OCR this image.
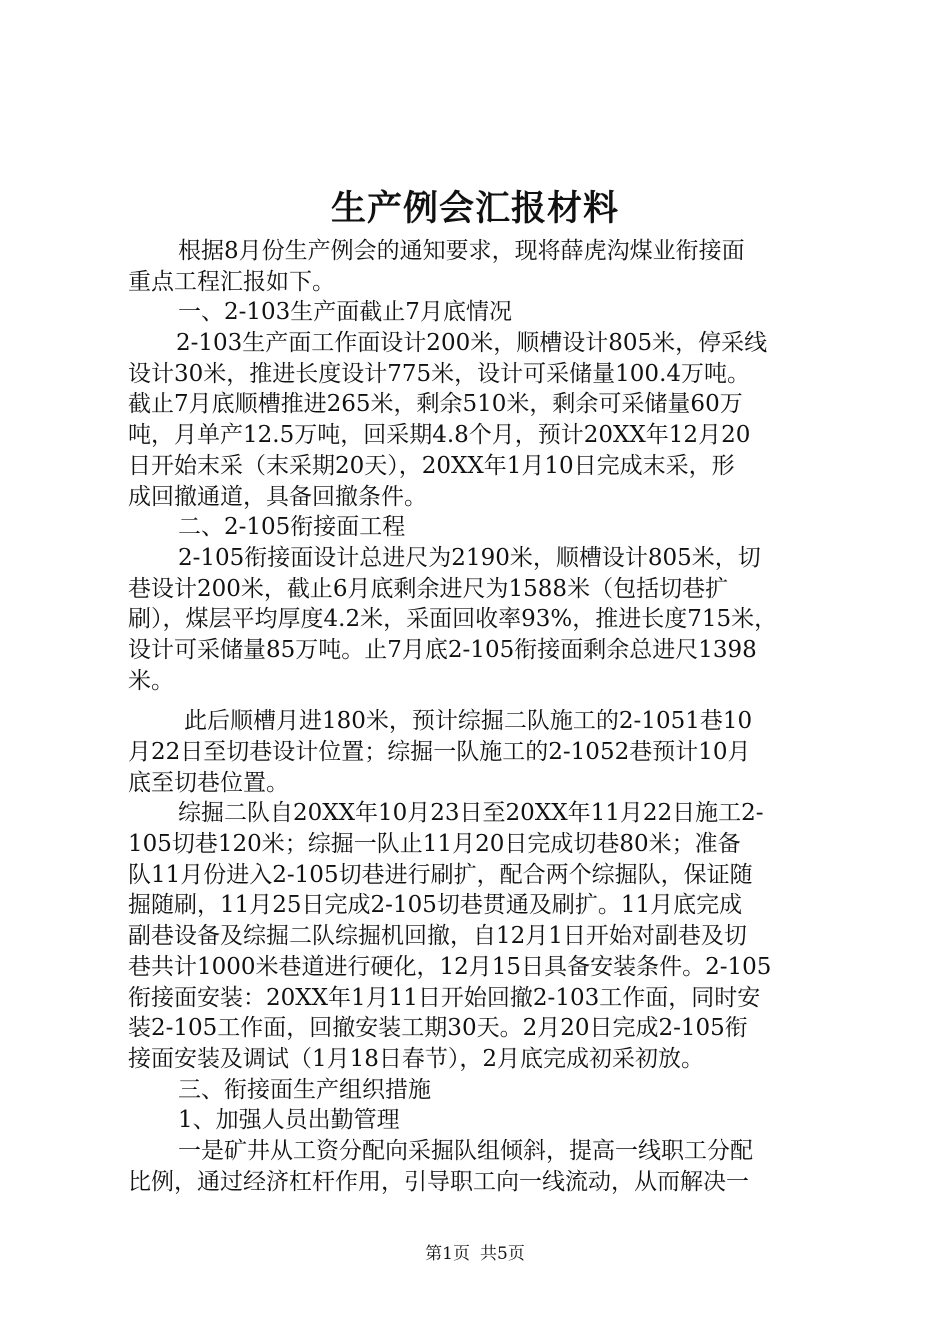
生产例会汇报材料
根据8月份生产例会的通知要求，现将薛虎沟煤业衔接面
重点工程汇报如下。
一、2-103生产面截止7月底情况
2-103生产面工作面设计200米，顺槽设计805米，停采线
设计30米，推进长度设计775米，设计可采储量100.4万吨。
截止7月底顺槽推进265米，剩余510米，剩余可采储量60万
吨，月单产12.5万吨，回采期4.8个月，预计20XX年12月20
日开始末采（末采期20天），20XX年1月10日完成末采，形
成回撤通道，具备回撤条件。
二、2-105衔接面工程
2-105衔接面设计总进尺为2190米，顺槽设计805米，切
巷设计200米，截止6月底剩余进尺为1588米（包括切巷扩
刷），煤层平均厚度4.2米，采面回收率93%，推进长度715米，
设计可采储量85万吨。止7月底2-105衔接面剩余总进尺1398
米。
此后顺槽月进180米，预计综掘二队施工的2-1051巷10
月22日至切巷设计位置；综掘一队施工的2-1052巷预计10月
底至切巷位置。
综掘二队自20XX年10月23日至20XX年11月22日施工2-
105切巷120米；综掘一队止11月20日完成切巷80米；准备
队11月份进入2-105切巷进行刷扩，配合两个综掘队，保证随
掘随刷，11月25日完成2-105切巷贯通及刷扩。11月底完成
副巷设备及综掘二队综掘机回撤，自12月1日开始对副巷及切
巷共计1000米巷道进行硬化，12月15日具备安装条件。2-105
衔接面安装：20XX年1月11日开始回撤2-103工作面，同时安
装2-105工作面，回撤安装工期30天。2月20日完成2-105衔
接面安装及调试（1月18日春节），2月底完成初采初放。
三、衔接面生产组织措施
1、加强人员出勤管理
一是矿井从工资分配向采掘队组倾斜，提高一线职工分配
比例，通过经济杠杆作用，引导职工向一线流动，从而解决一
第1页 共5页
